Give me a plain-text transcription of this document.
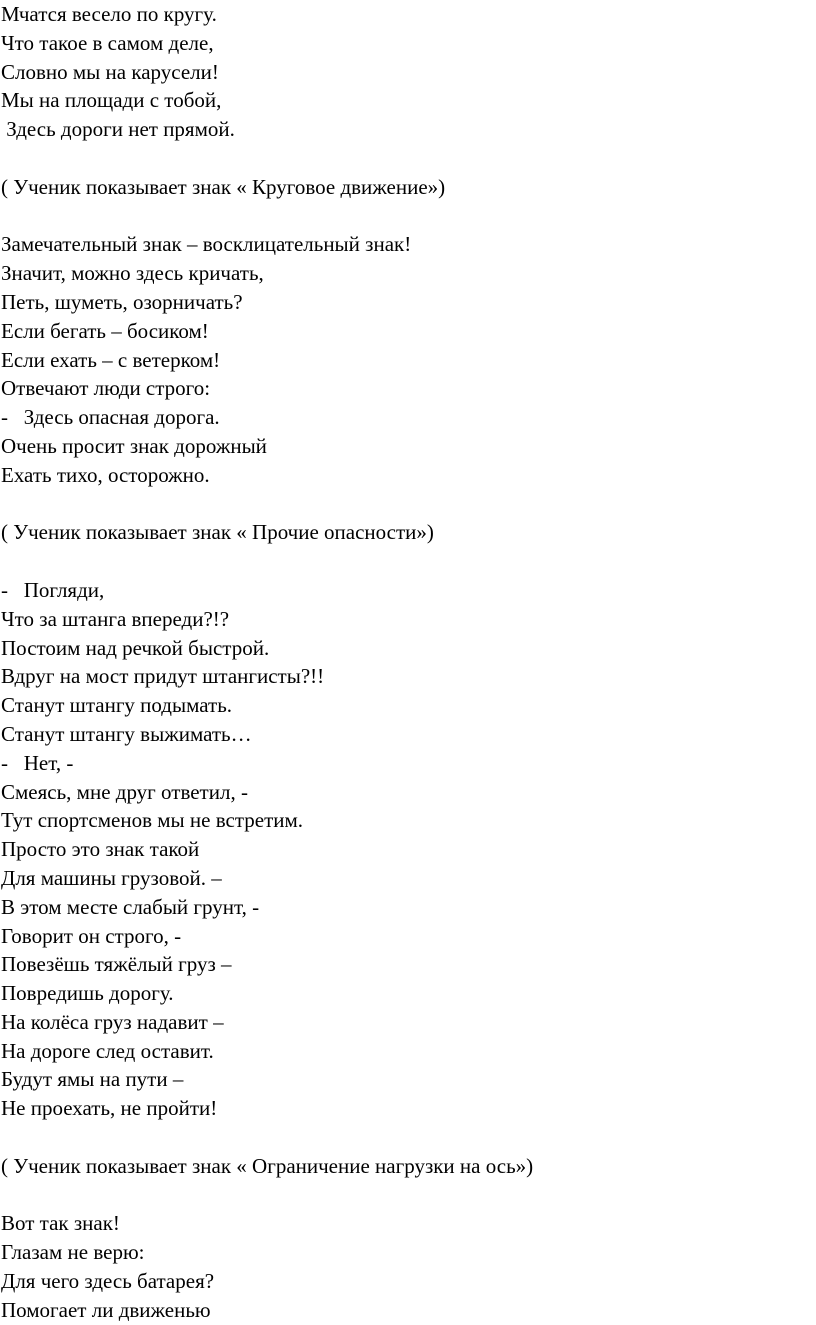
Мчатся весело по кругу.
Что такое в самом деле,
Словно мы на карусели!
Мы на площади с тобой,
Здесь дороги нет прямой.
( Ученик показывает знак « Круговое движение»)
Замечательный знак – восклицательный знак!
Значит, можно здесь кричать,
Петь, шуметь, озорничать?
Если бегать – босиком!
Если ехать – с ветерком!
Отвечают люди строго:
-   Здесь опасная дорога.
Очень просит знак дорожный
Ехать тихо, осторожно.
( Ученик показывает знак « Прочие опасности»)
-   Погляди,
Что за штанга впереди?!?
Постоим над речкой быстрой.
Вдруг на мост придут штангисты?!!
Станут штангу подымать.
Станут штангу выжимать…
-   Нет, -
Смеясь, мне друг ответил, -
Тут спортсменов мы не встретим.
Просто это знак такой
Для машины грузовой. –
В этом месте слабый грунт, -
Говорит он строго, -
Повезёшь тяжёлый груз –
Повредишь дорогу.
На колёса груз надавит –
На дороге след оставит.
Будут ямы на пути –
Не проехать, не пройти!
( Ученик показывает знак « Ограничение нагрузки на ось»)
Вот так знак!
Глазам не верю:
Для чего здесь батарея?
Помогает ли движенью
